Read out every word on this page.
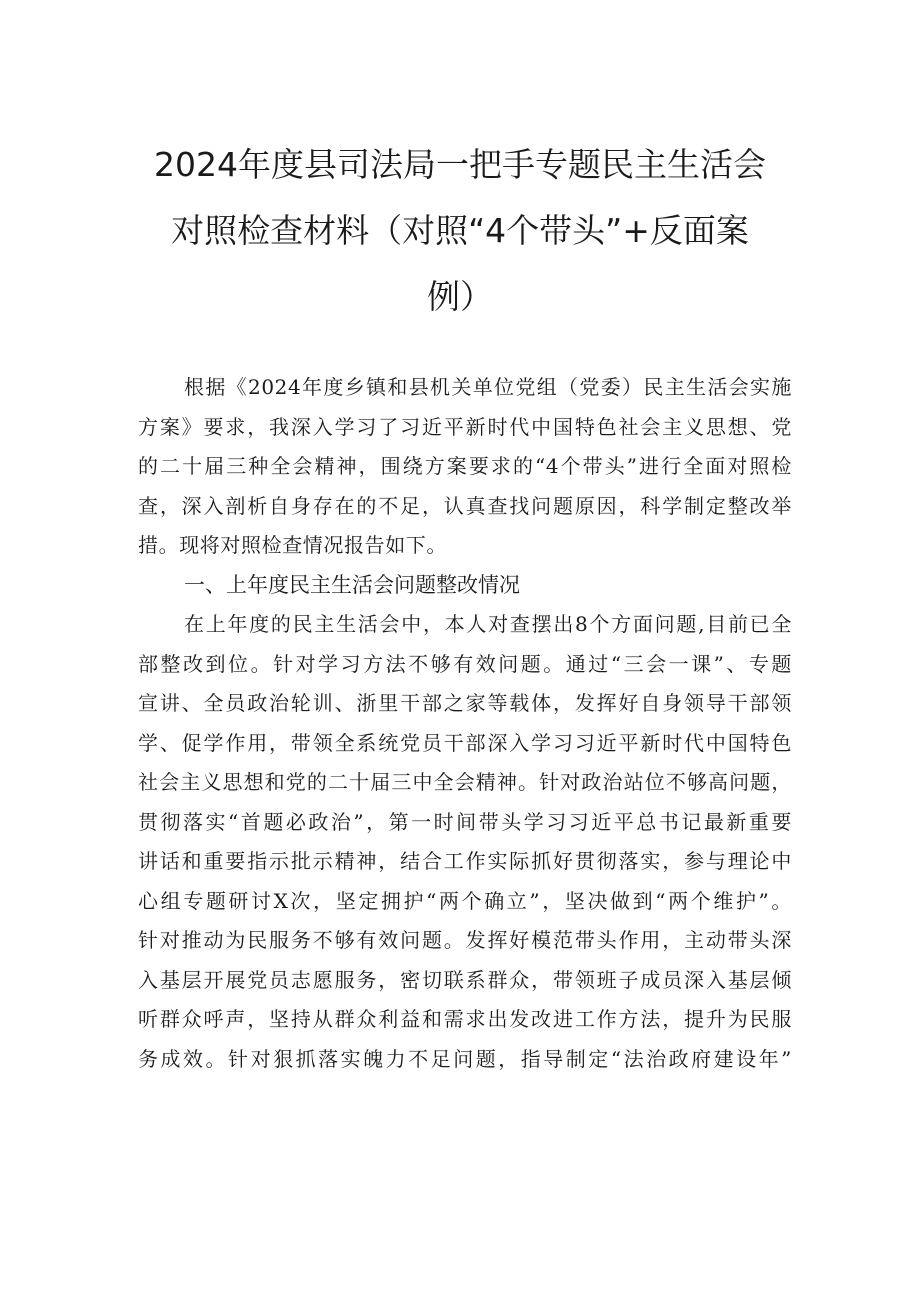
2024年度县司法局一把手专题民主生活会
对照检查材料（对照“4个带头”+反面案
例）
根据《2024年度乡镇和县机关单位党组（党委）民主生活会实施
方案》要求，我深入学习了习近平新时代中国特色社会主义思想、党
的二十届三种全会精神，围绕方案要求的“4个带头”进行全面对照检
查，深入剖析自身存在的不足，认真查找问题原因，科学制定整改举
措。现将对照检查情况报告如下。
一、上年度民主生活会问题整改情况
在上年度的民主生活会中，本人对查摆出8个方面问题,目前已全
部整改到位。针对学习方法不够有效问题。通过“三会一课”、专题
宣讲、全员政治轮训、浙里干部之家等载体，发挥好自身领导干部领
学、促学作用，带领全系统党员干部深入学习习近平新时代中国特色
社会主义思想和党的二十届三中全会精神。针对政治站位不够高问题，
贯彻落实“首题必政治”，第一时间带头学习习近平总书记最新重要
讲话和重要指示批示精神，结合工作实际抓好贯彻落实，参与理论中
心组专题研讨X次，坚定拥护“两个确立”，坚决做到“两个维护”。
针对推动为民服务不够有效问题。发挥好模范带头作用，主动带头深
入基层开展党员志愿服务，密切联系群众，带领班子成员深入基层倾
听群众呼声，坚持从群众利益和需求出发改进工作方法，提升为民服
务成效。针对狠抓落实魄力不足问题，指导制定“法治政府建设年”
